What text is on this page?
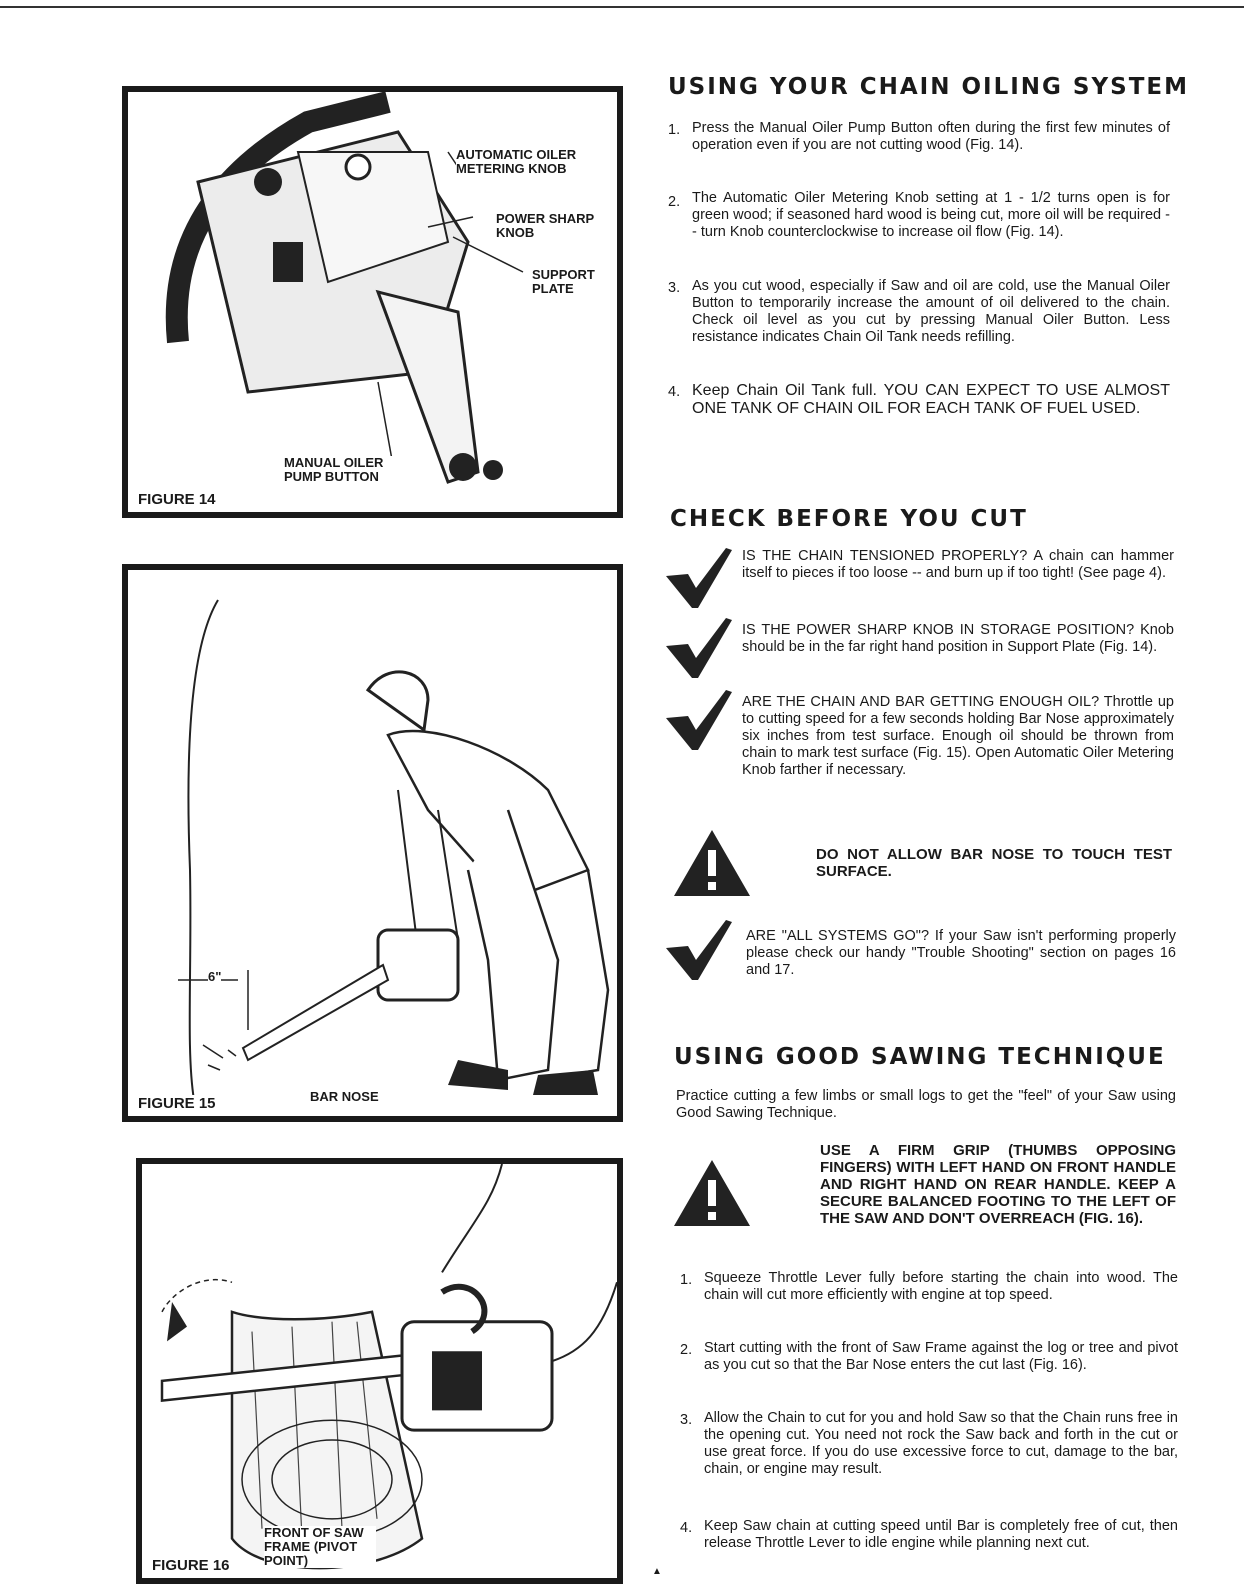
AUTOMATIC OILER METERING KNOB
POWER SHARP KNOB
SUPPORT PLATE
MANUAL OILER PUMP BUTTON
FIGURE 14
6"
BAR NOSE
FIGURE 15
FRONT OF SAW FRAME (PIVOT POINT)
FIGURE 16
USING YOUR CHAIN OILING SYSTEM
1. Press the Manual Oiler Pump Button often during the first few minutes of operation even if you are not cutting wood (Fig. 14).
2. The Automatic Oiler Metering Knob setting at 1 - 1/2 turns open is for green wood; if seasoned hard wood is being cut, more oil will be required -- turn Knob counterclockwise to increase oil flow (Fig. 14).
3. As you cut wood, especially if Saw and oil are cold, use the Manual Oiler Button to temporarily increase the amount of oil delivered to the chain. Check oil level as you cut by pressing Manual Oiler Button. Less resistance indicates Chain Oil Tank needs refilling.
4. Keep Chain Oil Tank full. YOU CAN EXPECT TO USE ALMOST ONE TANK OF CHAIN OIL FOR EACH TANK OF FUEL USED.
CHECK BEFORE YOU CUT
IS THE CHAIN TENSIONED PROPERLY? A chain can hammer itself to pieces if too loose -- and burn up if too tight! (See page 4).
IS THE POWER SHARP KNOB IN STORAGE POSITION? Knob should be in the far right hand position in Support Plate (Fig. 14).
ARE THE CHAIN AND BAR GETTING ENOUGH OIL? Throttle up to cutting speed for a few seconds holding Bar Nose approximately six inches from test surface. Enough oil should be thrown from chain to mark test surface (Fig. 15). Open Automatic Oiler Metering Knob farther if necessary.
DO NOT ALLOW BAR NOSE TO TOUCH TEST SURFACE.
ARE "ALL SYSTEMS GO"? If your Saw isn't performing properly please check our handy "Trouble Shooting" section on pages 16 and 17.
USING GOOD SAWING TECHNIQUE
Practice cutting a few limbs or small logs to get the "feel" of your Saw using Good Sawing Technique.
USE A FIRM GRIP (THUMBS OPPOSING FINGERS) WITH LEFT HAND ON FRONT HANDLE AND RIGHT HAND ON REAR HANDLE. KEEP A SECURE BALANCED FOOTING TO THE LEFT OF THE SAW AND DON'T OVERREACH (FIG. 16).
1. Squeeze Throttle Lever fully before starting the chain into wood. The chain will cut more efficiently with engine at top speed.
2. Start cutting with the front of Saw Frame against the log or tree and pivot as you cut so that the Bar Nose enters the cut last (Fig. 16).
3. Allow the Chain to cut for you and hold Saw so that the Chain runs free in the opening cut. You need not rock the Saw back and forth in the cut or use great force. If you do use excessive force to cut, damage to the bar, chain, or engine may result.
4. Keep Saw chain at cutting speed until Bar is completely free of cut, then release Throttle Lever to idle engine while planning next cut.
▲
